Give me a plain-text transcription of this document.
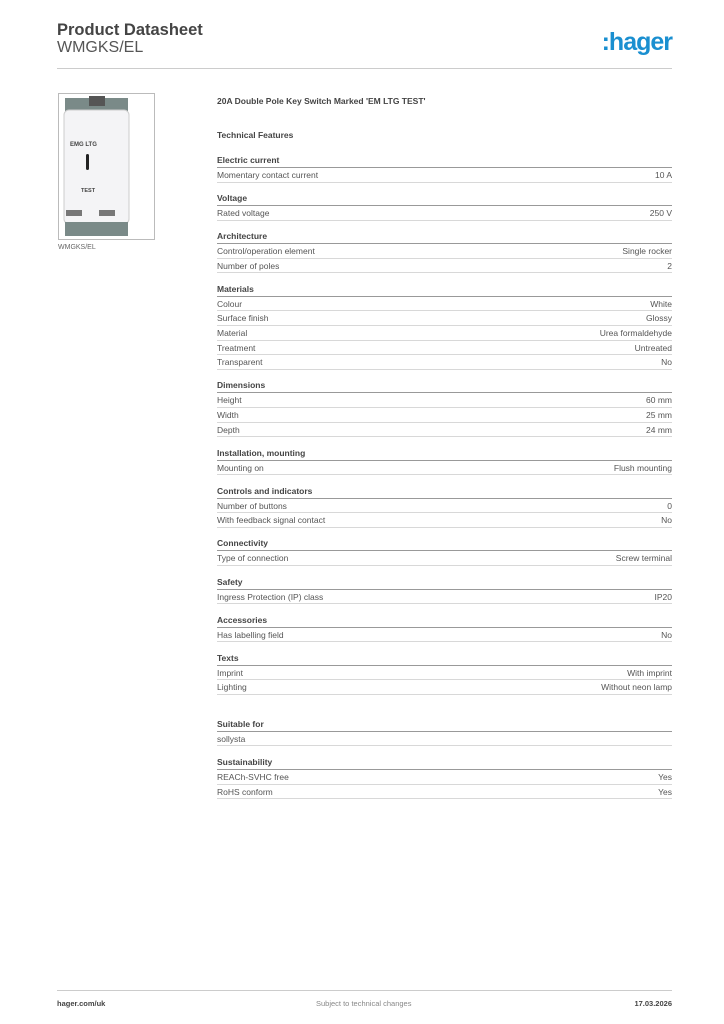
Product Datasheet
WMGKS/EL	:hager
EMG LTG
TEST
WMGKS/EL
20A Double Pole Key Switch Marked 'EM LTG TEST'
Technical Features
Electric current
Momentary contact current	10 A
Voltage
Rated voltage	250 V
Architecture
Control/operation element	Single rocker
Number of poles	2
Materials
Colour	White
Surface finish	Glossy
Material	Urea formaldehyde
Treatment	Untreated
Transparent	No
Dimensions
Height	60 mm
Width	25 mm
Depth	24 mm
Installation, mounting
Mounting on	Flush mounting
Controls and indicators
Number of buttons	0
With feedback signal contact	No
Connectivity
Type of connection	Screw terminal
Safety
Ingress Protection (IP) class	IP20
Accessories
Has labelling field	No
Texts
Imprint	With imprint
Lighting	Without neon lamp
Suitable for
sollysta
Sustainability
REACh-SVHC free	Yes
RoHS conform	Yes
hager.com/uk	Subject to technical changes	17.03.2026
